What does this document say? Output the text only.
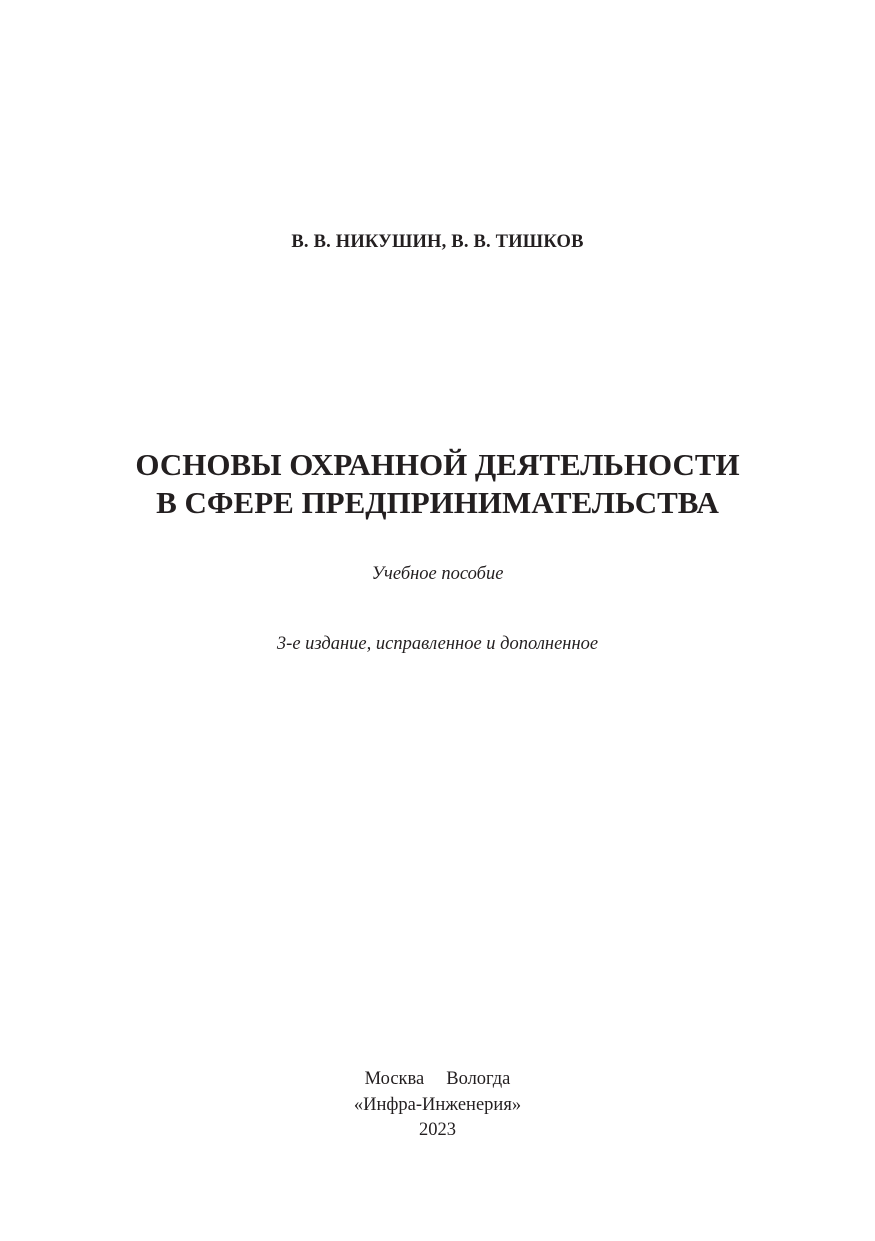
В. В. НИКУШИН, В. В. ТИШКОВ
ОСНОВЫ ОХРАННОЙ ДЕЯТЕЛЬНОСТИ
В СФЕРЕ ПРЕДПРИНИМАТЕЛЬСТВА
Учебное пособие
3-е издание, исправленное и дополненное
Москва Вологда
«Инфра-Инженерия»
2023
